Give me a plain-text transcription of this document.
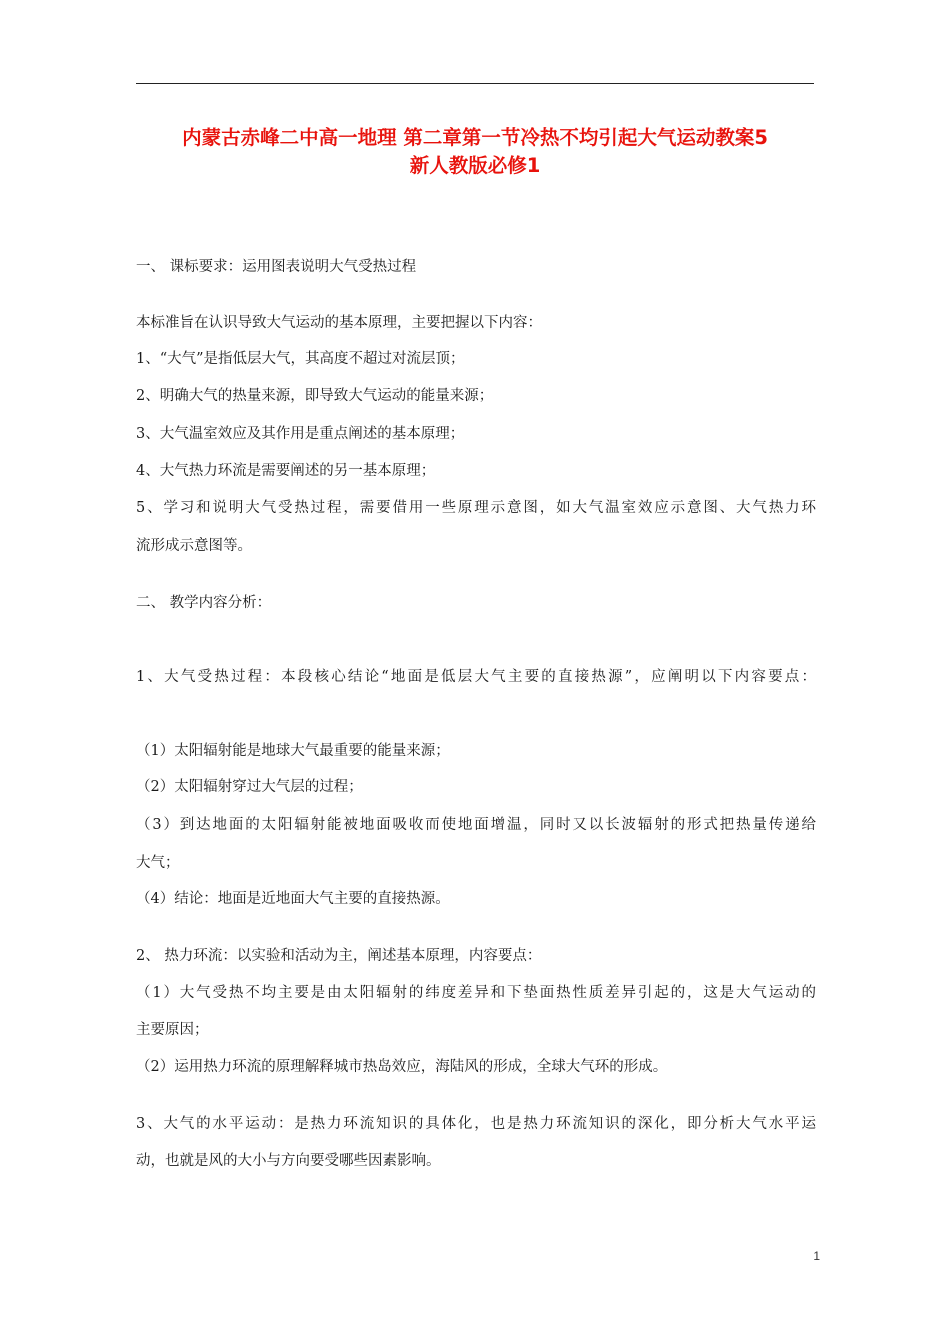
内蒙古赤峰二中高一地理 第二章第一节冷热不均引起大气运动教案5
新人教版必修1
一、 课标要求：运用图表说明大气受热过程
本标准旨在认识导致大气运动的基本原理，主要把握以下内容：
1、“大气”是指低层大气，其高度不超过对流层顶；
2、明确大气的热量来源，即导致大气运动的能量来源；
3、大气温室效应及其作用是重点阐述的基本原理；
4、大气热力环流是需要阐述的另一基本原理；
5、学习和说明大气受热过程，需要借用一些原理示意图，如大气温室效应示意图、大气热力环
流形成示意图等。
二、 教学内容分析：
1、大气受热过程：本段核心结论“地面是低层大气主要的直接热源”，应阐明以下内容要点：
（1）太阳辐射能是地球大气最重要的能量来源；
（2）太阳辐射穿过大气层的过程；
（3）到达地面的太阳辐射能被地面吸收而使地面增温，同时又以长波辐射的形式把热量传递给
大气；
（4）结论：地面是近地面大气主要的直接热源。
2、 热力环流：以实验和活动为主，阐述基本原理，内容要点：
（1）大气受热不均主要是由太阳辐射的纬度差异和下垫面热性质差异引起的，这是大气运动的
主要原因；
（2）运用热力环流的原理解释城市热岛效应，海陆风的形成，全球大气环的形成。
3、大气的水平运动：是热力环流知识的具体化，也是热力环流知识的深化，即分析大气水平运
动，也就是风的大小与方向要受哪些因素影响。
1
